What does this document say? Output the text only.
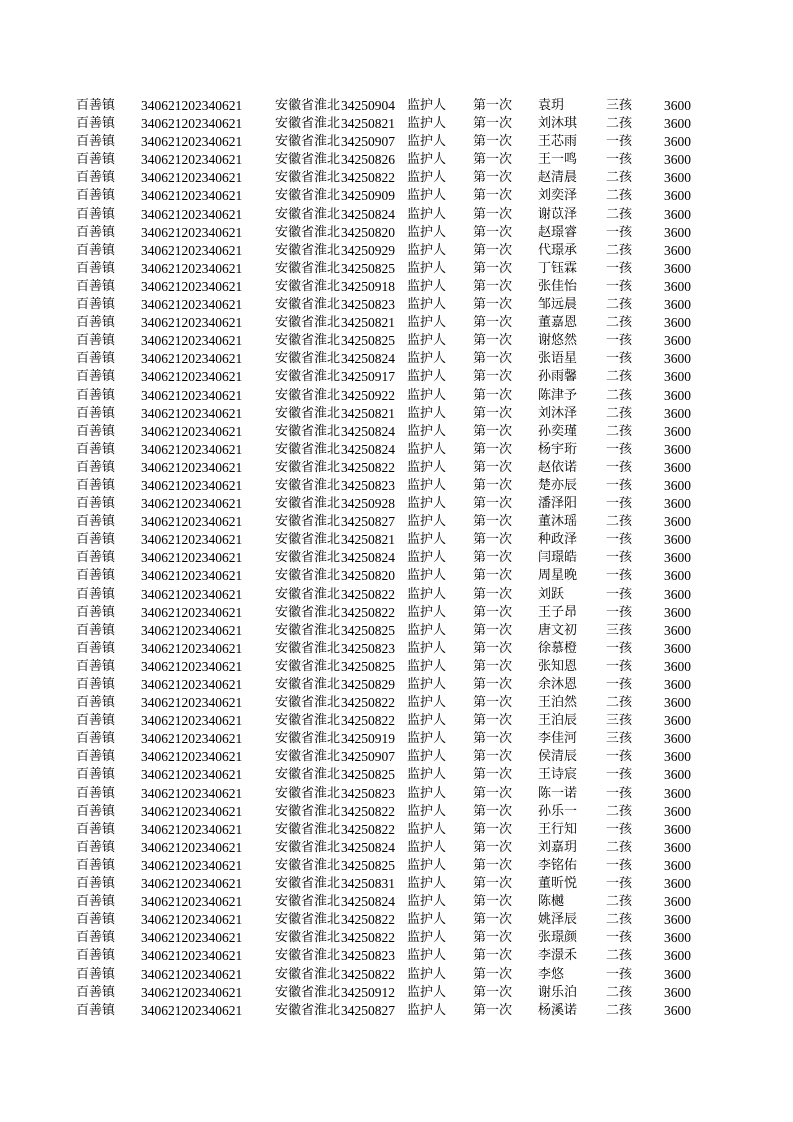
百善镇	34062120234062​1	安徽省淮北 34250904 监护人	第一次	袁玥	三孩	3600
百善镇	34062120234062​1	安徽省淮北 34250821 监护人	第一次	刘沐琪	二孩	3600
百善镇	34062120234062​1	安徽省淮北 34250907 监护人	第一次	王芯雨	一孩	3600
百善镇	34062120234062​1	安徽省淮北 34250826 监护人	第一次	王一鸣	一孩	3600
百善镇	34062120234062​1	安徽省淮北 34250822 监护人	第一次	赵清晨	二孩	3600
百善镇	34062120234062​1	安徽省淮北 34250909 监护人	第一次	刘奕泽	二孩	3600
百善镇	34062120234062​1	安徽省淮北 34250824 监护人	第一次	谢苡泽	二孩	3600
百善镇	34062120234062​1	安徽省淮北 34250820 监护人	第一次	赵璟睿	一孩	3600
百善镇	34062120234062​1	安徽省淮北 34250929 监护人	第一次	代璟承	二孩	3600
百善镇	34062120234062​1	安徽省淮北 34250825 监护人	第一次	丁钰霖	一孩	3600
百善镇	34062120234062​1	安徽省淮北 34250918 监护人	第一次	张佳怡	一孩	3600
百善镇	34062120234062​1	安徽省淮北 34250823 监护人	第一次	邹远晨	二孩	3600
百善镇	34062120234062​1	安徽省淮北 34250821 监护人	第一次	董嘉恩	二孩	3600
百善镇	34062120234062​1	安徽省淮北 34250825 监护人	第一次	谢悠然	一孩	3600
百善镇	34062120234062​1	安徽省淮北 34250824 监护人	第一次	张语星	一孩	3600
百善镇	34062120234062​1	安徽省淮北 34250917 监护人	第一次	孙雨馨	二孩	3600
百善镇	34062120234062​1	安徽省淮北 34250922 监护人	第一次	陈津予	二孩	3600
百善镇	34062120234062​1	安徽省淮北 34250821 监护人	第一次	刘沐泽	二孩	3600
百善镇	34062120234062​1	安徽省淮北 34250824 监护人	第一次	孙奕瑾	二孩	3600
百善镇	34062120234062​1	安徽省淮北 34250824 监护人	第一次	杨宇珩	一孩	3600
百善镇	34062120234062​1	安徽省淮北 34250822 监护人	第一次	赵依诺	一孩	3600
百善镇	34062120234062​1	安徽省淮北 34250823 监护人	第一次	楚亦辰	一孩	3600
百善镇	34062120234062​1	安徽省淮北 34250928 监护人	第一次	潘泽阳	一孩	3600
百善镇	34062120234062​1	安徽省淮北 34250827 监护人	第一次	董沐瑶	二孩	3600
百善镇	34062120234062​1	安徽省淮北 34250821 监护人	第一次	种政泽	一孩	3600
百善镇	34062120234062​1	安徽省淮北 34250824 监护人	第一次	闫璟皓	一孩	3600
百善镇	34062120234062​1	安徽省淮北 34250820 监护人	第一次	周星晚	一孩	3600
百善镇	34062120234062​1	安徽省淮北 34250822 监护人	第一次	刘跃	一孩	3600
百善镇	34062120234062​1	安徽省淮北 34250822 监护人	第一次	王子昂	一孩	3600
百善镇	34062120234062​1	安徽省淮北 34250825 监护人	第一次	唐文初	三孩	3600
百善镇	34062120234062​1	安徽省淮北 34250823 监护人	第一次	徐慕橙	一孩	3600
百善镇	34062120234062​1	安徽省淮北 34250825 监护人	第一次	张知恩	一孩	3600
百善镇	34062120234062​1	安徽省淮北 34250829 监护人	第一次	余沐恩	一孩	3600
百善镇	34062120234062​1	安徽省淮北 34250822 监护人	第一次	王泊然	二孩	3600
百善镇	34062120234062​1	安徽省淮北 34250822 监护人	第一次	王泊辰	三孩	3600
百善镇	34062120234062​1	安徽省淮北 34250919 监护人	第一次	李佳河	三孩	3600
百善镇	34062120234062​1	安徽省淮北 34250907 监护人	第一次	侯清辰	一孩	3600
百善镇	34062120234062​1	安徽省淮北 34250825 监护人	第一次	王诗宸	一孩	3600
百善镇	34062120234062​1	安徽省淮北 34250823 监护人	第一次	陈一诺	一孩	3600
百善镇	34062120234062​1	安徽省淮北 34250822 监护人	第一次	孙乐一	二孩	3600
百善镇	34062120234062​1	安徽省淮北 34250822 监护人	第一次	王行知	一孩	3600
百善镇	34062120234062​1	安徽省淮北 34250824 监护人	第一次	刘嘉玥	二孩	3600
百善镇	34062120234062​1	安徽省淮北 34250825 监护人	第一次	李铭佑	一孩	3600
百善镇	34062120234062​1	安徽省淮北 34250831 监护人	第一次	董昕悦	一孩	3600
百善镇	34062120234062​1	安徽省淮北 34250824 监护人	第一次	陈樾	二孩	3600
百善镇	34062120234062​1	安徽省淮北 34250822 监护人	第一次	姚泽辰	二孩	3600
百善镇	34062120234062​1	安徽省淮北 34250822 监护人	第一次	张璟颜	一孩	3600
百善镇	34062120234062​1	安徽省淮北 34250823 监护人	第一次	李澋禾	二孩	3600
百善镇	34062120234062​1	安徽省淮北 34250822 监护人	第一次	李悠	一孩	3600
百善镇	34062120234062​1	安徽省淮北 34250912 监护人	第一次	谢乐泊	二孩	3600
百善镇	34062120234062​1	安徽省淮北 34250827 监护人	第一次	杨溪诺	二孩	3600
